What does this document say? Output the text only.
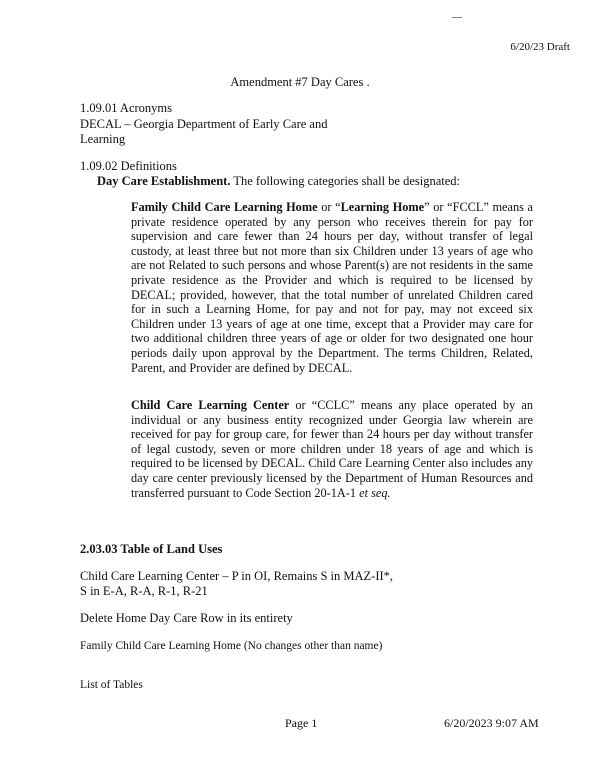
6/20/23 Draft
Amendment #7 Day Cares .
1.09.01 Acronyms
DECAL – Georgia Department of Early Care and
Learning
1.09.02 Definitions
Day Care Establishment. The following categories shall be designated:
Family Child Care Learning Home or “Learning Home” or “FCCL” means a private residence operated by any person who receives therein for pay for supervision and care fewer than 24 hours per day, without transfer of legal custody, at least three but not more than six Children under 13 years of age who are not Related to such persons and whose Parent(s) are not residents in the same private residence as the Provider and which is required to be licensed by DECAL; provided, however, that the total number of unrelated Children cared for in such a Learning Home, for pay and not for pay, may not exceed six Children under 13 years of age at one time, except that a Provider may care for two additional children three years of age or older for two designated one hour periods daily upon approval by the Department. The terms Children, Related, Parent, and Provider are defined by DECAL.
Child Care Learning Center or “CCLC” means any place operated by an individual or any business entity recognized under Georgia law wherein are received for pay for group care, for fewer than 24 hours per day without transfer of legal custody, seven or more children under 18 years of age and which is required to be licensed by DECAL. Child Care Learning Center also includes any day care center previously licensed by the Department of Human Resources and transferred pursuant to Code Section 20-1A-1 et seq.
2.03.03 Table of Land Uses
Child Care Learning Center – P in OI, Remains S in MAZ-II*, S in E-A, R-A, R-1, R-21
Delete Home Day Care Row in its entirety
Family Child Care Learning Home (No changes other than name)
List of Tables
Page 1	6/20/2023 9:07 AM
